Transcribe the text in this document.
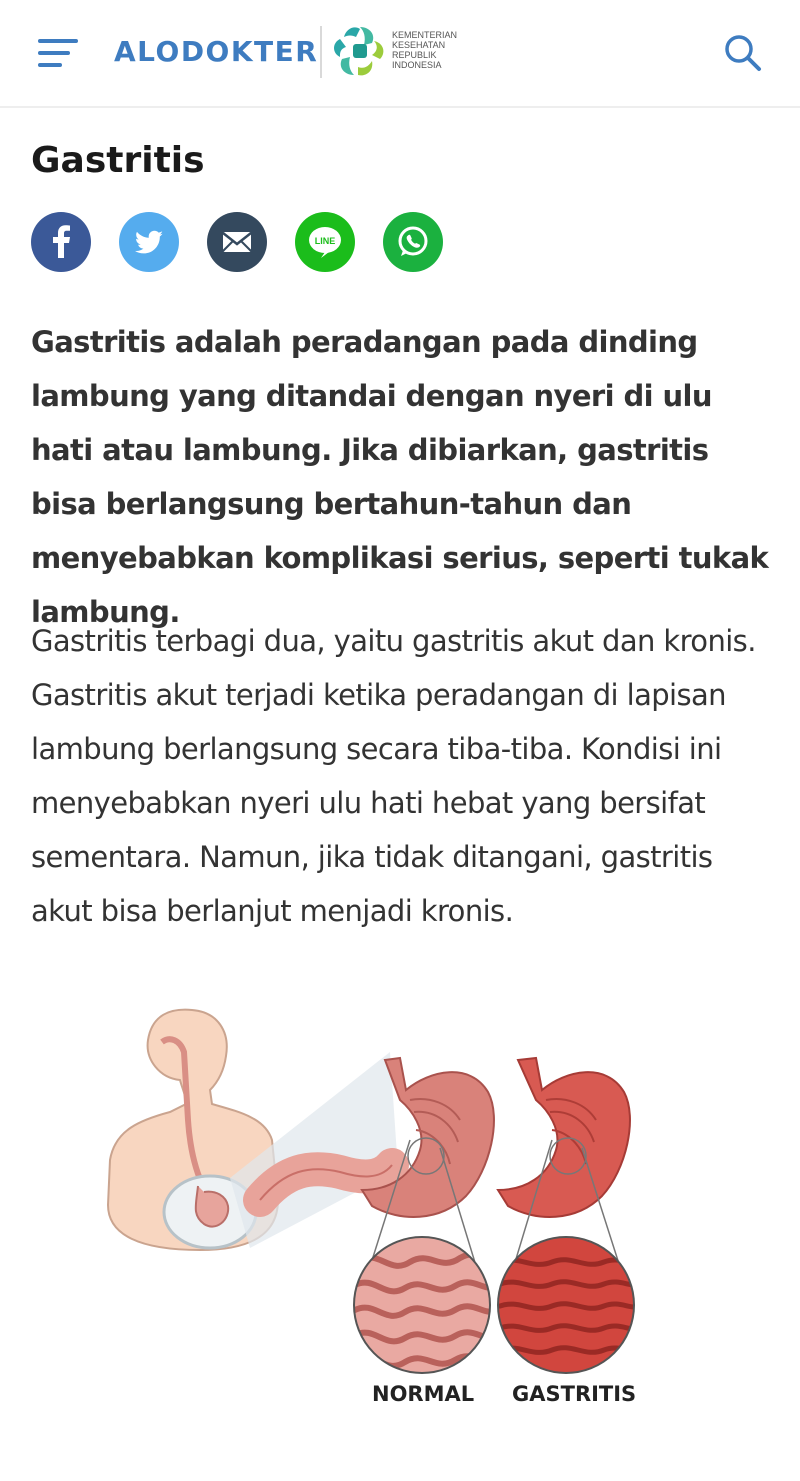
ALODOKTER	KEMENTERIAN
KESEHATAN
REPUBLIK
INDONESIA
Gastritis
LINE

Gastritis adalah peradangan pada dinding lambung yang ditandai dengan nyeri di ulu hati atau lambung. Jika dibiarkan, gastritis bisa berlangsung bertahun-tahun dan menyebabkan komplikasi serius, seperti tukak lambung.

Gastritis terbagi dua, yaitu gastritis akut dan kronis. Gastritis akut terjadi ketika peradangan di lapisan lambung berlangsung secara tiba-tiba. Kondisi ini menyebabkan nyeri ulu hati hebat yang bersifat sementara. Namun, jika tidak ditangani, gastritis akut bisa berlanjut menjadi kronis.

NORMAL GASTRITIS
